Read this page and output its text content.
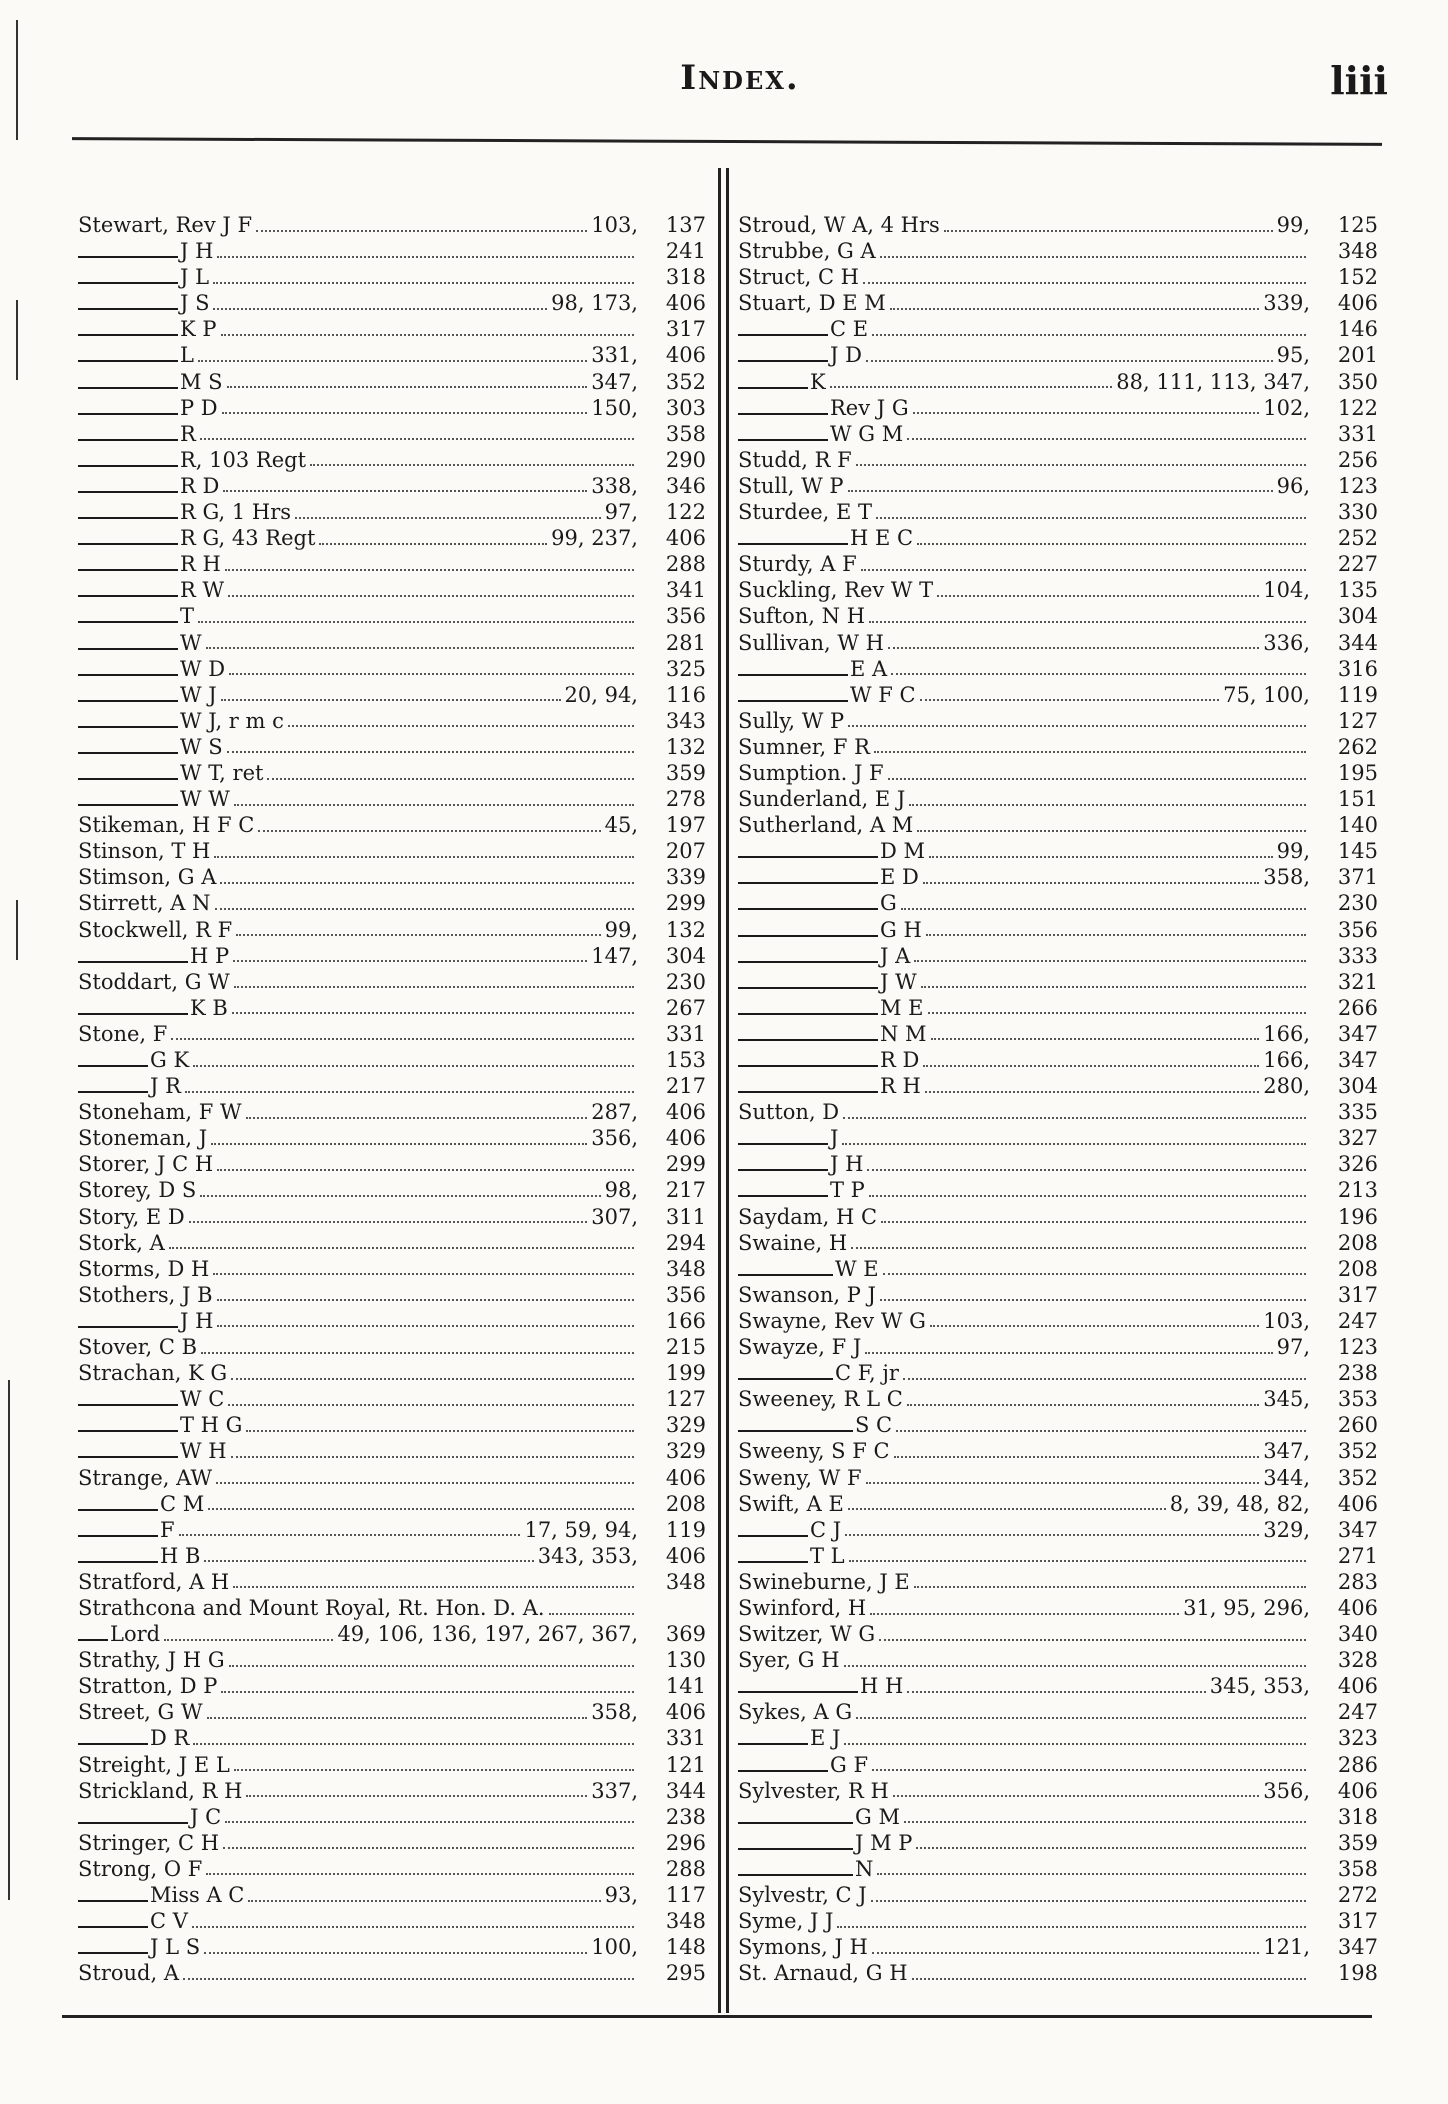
Index.	liii
Stewart, Rev J F	103,	137
J H	241
J L	318
J S	98, 173,	406
K P	317
L	331,	406
M S	347,	352
P D	150,	303
R	358
R, 103 Regt	290
R D	338,	346
R G, 1 Hrs	97,	122
R G, 43 Regt	99, 237,	406
R H	288
R W	341
T	356
W	281
W D	325
W J	20, 94,	116
W J, r m c	343
W S	132
W T, ret	359
W W	278
Stikeman, H F C	45,	197
Stinson, T H	207
Stimson, G A	339
Stirrett, A N	299
Stockwell, R F	99,	132
H P	147,	304
Stoddart, G W	230
K B	267
Stone, F	331
G K	153
J R	217
Stoneham, F W	287,	406
Stoneman, J	356,	406
Storer, J C H	299
Storey, D S	98,	217
Story, E D	307,	311
Stork, A	294
Storms, D H	348
Stothers, J B	356
J H	166
Stover, C B	215
Strachan, K G	199
W C	127
T H G	329
W H	329
Strange, AW	406
C M	208
F	17, 59, 94,	119
H B	343, 353,	406
Stratford, A H	348
Strathcona and Mount Royal, Rt. Hon. D. A.
Lord	49, 106, 136, 197, 267, 367,	369
Strathy, J H G	130
Stratton, D P	141
Street, G W	358,	406
D R	331
Streight, J E L	121
Strickland, R H	337,	344
J C	238
Stringer, C H	296
Strong, O F	288
Miss A C	93,	117
C V	348
J L S	100,	148
Stroud, A	295
Stroud, W A, 4 Hrs	99,	125
Strubbe, G A	348
Struct, C H	152
Stuart, D E M	339,	406
C E	146
J D	95,	201
K	88, 111, 113, 347,	350
Rev J G	102,	122
W G M	331
Studd, R F	256
Stull, W P	96,	123
Sturdee, E T	330
H E C	252
Sturdy, A F	227
Suckling, Rev W T	104,	135
Sufton, N H	304
Sullivan, W H	336,	344
E A	316
W F C	75, 100,	119
Sully, W P	127
Sumner, F R	262
Sumption. J F	195
Sunderland, E J	151
Sutherland, A M	140
D M	99,	145
E D	358,	371
G	230
G H	356
J A	333
J W	321
M E	266
N M	166,	347
R D	166,	347
R H	280,	304
Sutton, D	335
J	327
J H	326
T P	213
Saydam, H C	196
Swaine, H	208
W E	208
Swanson, P J	317
Swayne, Rev W G	103,	247
Swayze, F J	97,	123
C F, jr	238
Sweeney, R L C	345,	353
S C	260
Sweeny, S F C	347,	352
Sweny, W F	344,	352
Swift, A E	8, 39, 48, 82,	406
C J	329,	347
T L	271
Swineburne, J E	283
Swinford, H	31, 95, 296,	406
Switzer, W G	340
Syer, G H	328
H H	345, 353,	406
Sykes, A G	247
E J	323
G F	286
Sylvester, R H	356,	406
G M	318
J M P	359
N	358
Sylvestr, C J	272
Syme, J J	317
Symons, J H	121,	347
St. Arnaud, G H	198
